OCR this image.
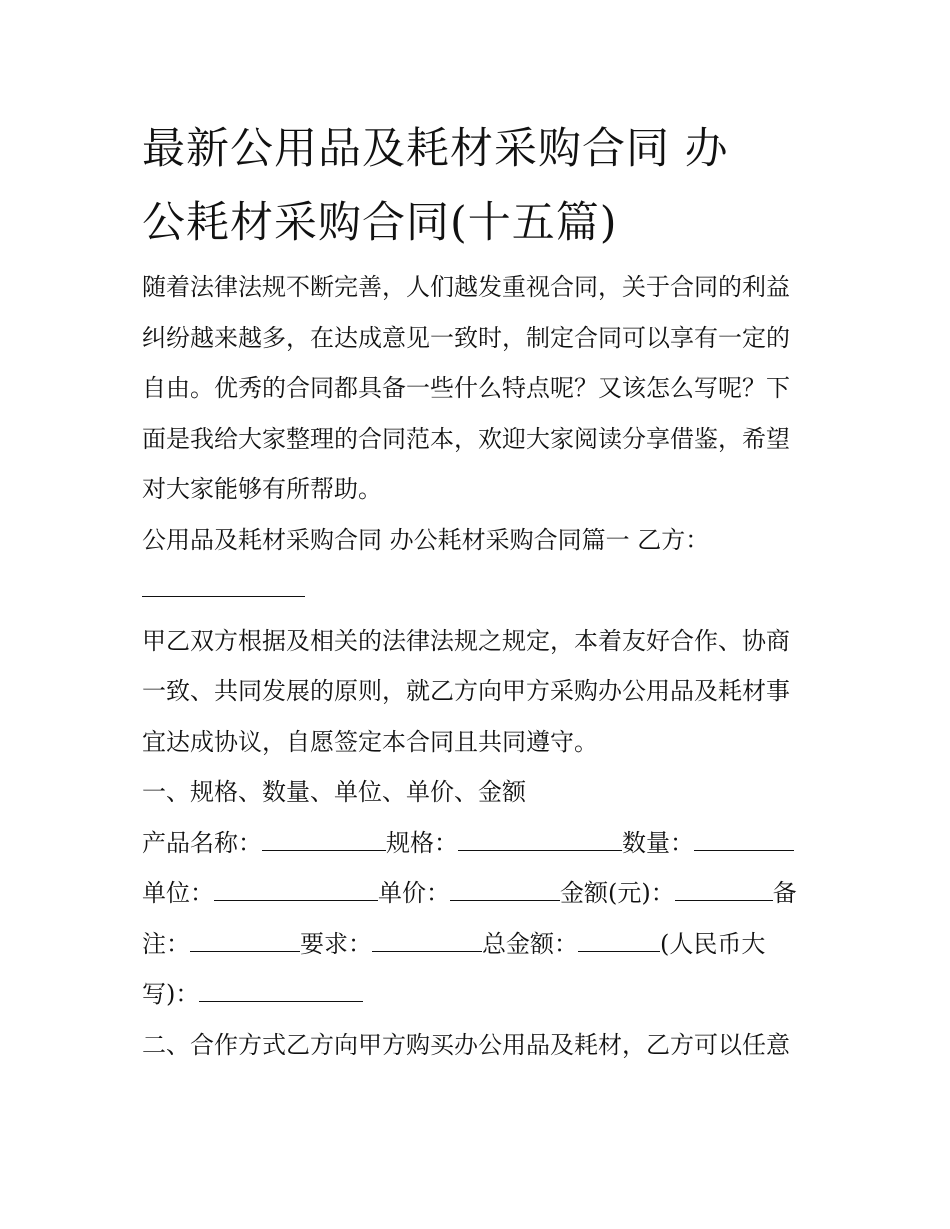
最新公用品及耗材采购合同 办
公耗材采购合同(十五篇)

随着法律法规不断完善，人们越发重视合同，关于合同的利益

纠纷越来越多，在达成意见一致时，制定合同可以享有一定的

自由。优秀的合同都具备一些什么特点呢？又该怎么写呢？下

面是我给大家整理的合同范本，欢迎大家阅读分享借鉴，希望

对大家能够有所帮助。

公用品及耗材采购合同 办公耗材采购合同篇一 乙方：

甲乙双方根据及相关的法律法规之规定，本着友好合作、协商

一致、共同发展的原则，就乙方向甲方采购办公用品及耗材事

宜达成协议，自愿签定本合同且共同遵守。

一、规格、数量、单位、单价、金额

产品名称：	规格：	数量：
单位：	单价：	金额(元)：	备
注：	要求：	总金额：	(人民币大
写)：

二、合作方式乙方向甲方购买办公用品及耗材，乙方可以任意
